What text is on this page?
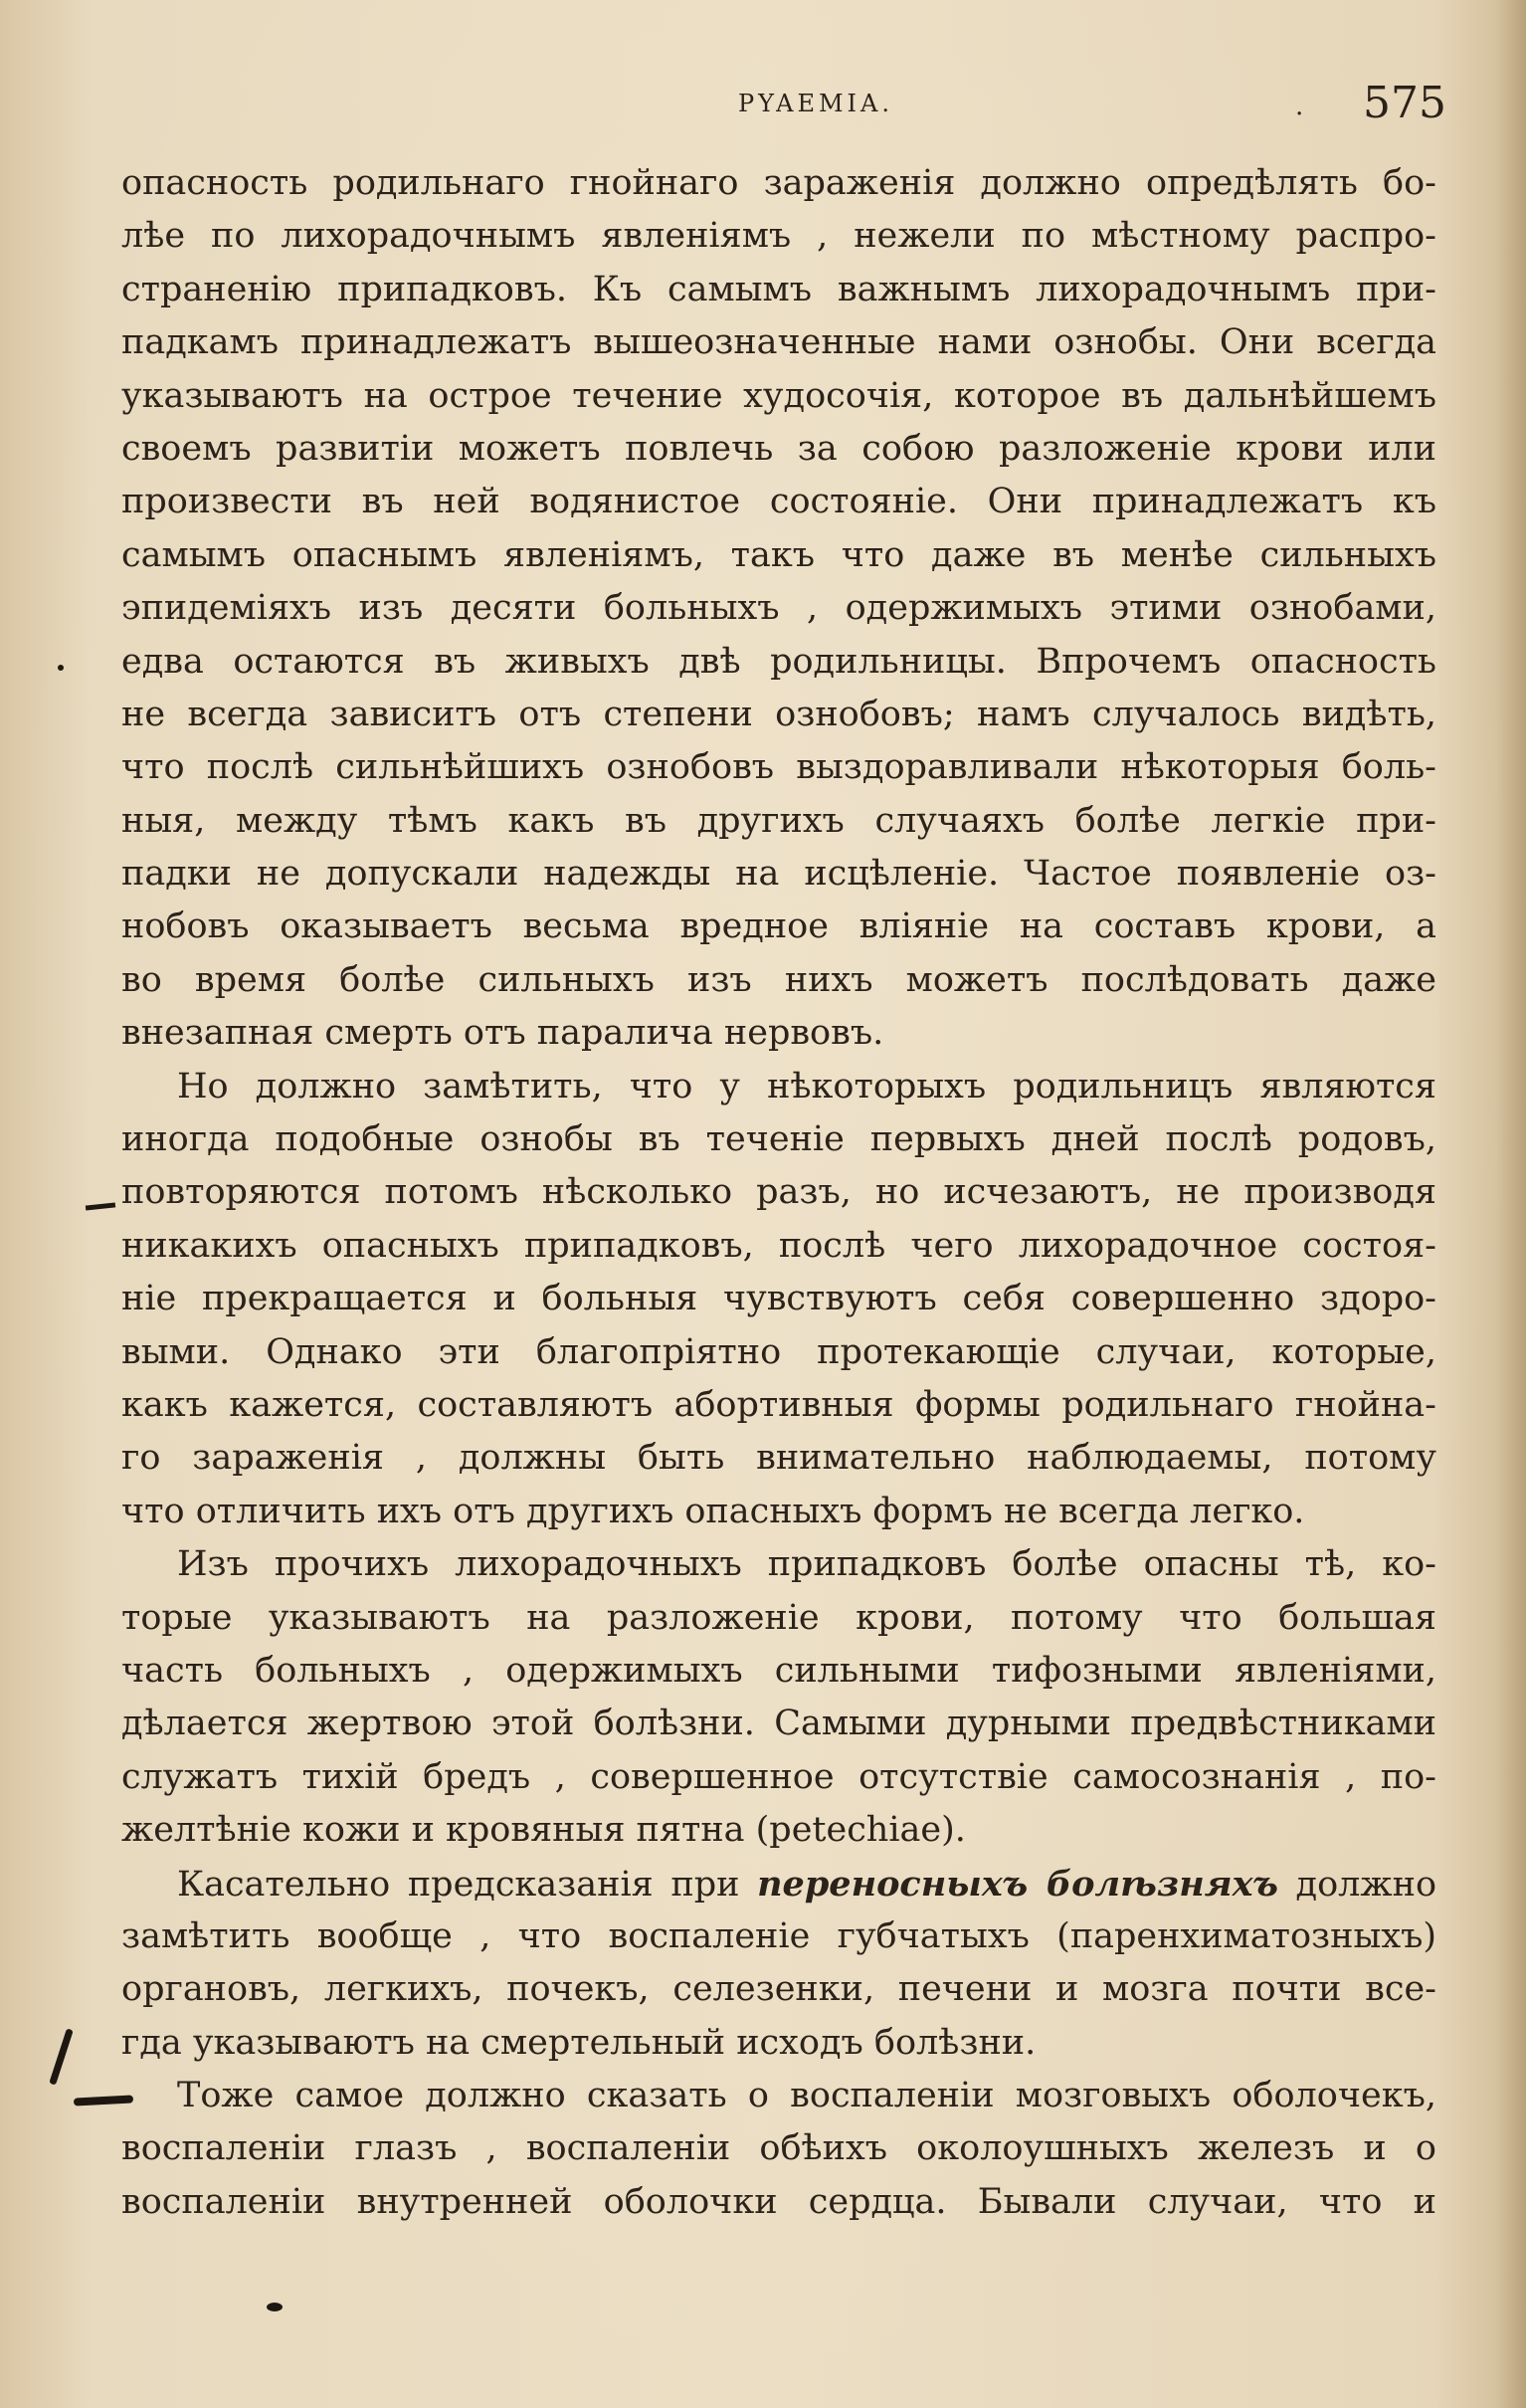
PYAEMIA.	. 575
опасность родильнаго гнойнаго зараженія должно опредѣлять бо-
лѣе по лихорадочнымъ явленіямъ , нежели по мѣстному распро-
страненію припадковъ. Къ самымъ важнымъ лихорадочнымъ при-
падкамъ принадлежатъ вышеозначенные нами ознобы. Они всегда
указываютъ на острое течение худосочія, которое въ дальнѣйшемъ
своемъ развитіи можетъ повлечь за собою разложеніе крови или
произвести въ ней водянистое состояніе. Они принадлежатъ къ
самымъ опаснымъ явленіямъ, такъ что даже въ менѣе сильныхъ
эпидеміяхъ изъ десяти больныхъ , одержимыхъ этими ознобами,
едва остаются въ живыхъ двѣ родильницы. Впрочемъ опасность
не всегда зависитъ отъ степени ознобовъ; намъ случалось видѣть,
что послѣ сильнѣйшихъ ознобовъ выздоравливали нѣкоторыя боль-
ныя, между тѣмъ какъ въ другихъ случаяхъ болѣе легкіе при-
падки не допускали надежды на исцѣленіе. Частое появленіе оз-
нобовъ оказываетъ весьма вредное вліяніе на составъ крови, а
во время болѣе сильныхъ изъ нихъ можетъ послѣдовать даже
внезапная смерть отъ паралича нервовъ.
Но должно замѣтить, что у нѣкоторыхъ родильницъ являются
иногда подобные ознобы въ теченіе первыхъ дней послѣ родовъ,
повторяются потомъ нѣсколько разъ, но исчезаютъ, не производя
никакихъ опасныхъ припадковъ, послѣ чего лихорадочное состоя-
ніе прекращается и больныя чувствуютъ себя совершенно здоро-
выми. Однако эти благопріятно протекающіе случаи, которые,
какъ кажется, составляютъ абортивныя формы родильнаго гнойна-
го зараженія , должны быть внимательно наблюдаемы, потому
что отличить ихъ отъ другихъ опасныхъ формъ не всегда легко.
Изъ прочихъ лихорадочныхъ припадковъ болѣе опасны тѣ, ко-
торые указываютъ на разложеніе крови, потому что большая
часть больныхъ , одержимыхъ сильными тифозными явленіями,
дѣлается жертвою этой болѣзни. Самыми дурными предвѣстниками
служатъ тихій бредъ , совершенное отсутствіе самосознанія , по-
желтѣніе кожи и кровяныя пятна (petechiae).
Касательно предсказанія при переносныхъ болѣзняхъ должно
замѣтить вообще , что воспаленіе губчатыхъ (паренхиматозныхъ)
органовъ, легкихъ, почекъ, селезенки, печени и мозга почти все-
гда указываютъ на смертельный исходъ болѣзни.
Тоже самое должно сказать о воспаленіи мозговыхъ оболочекъ,
воспаленіи глазъ , воспаленіи обѣихъ околоушныхъ железъ и о
воспаленіи внутренней оболочки сердца. Бывали случаи, что и
